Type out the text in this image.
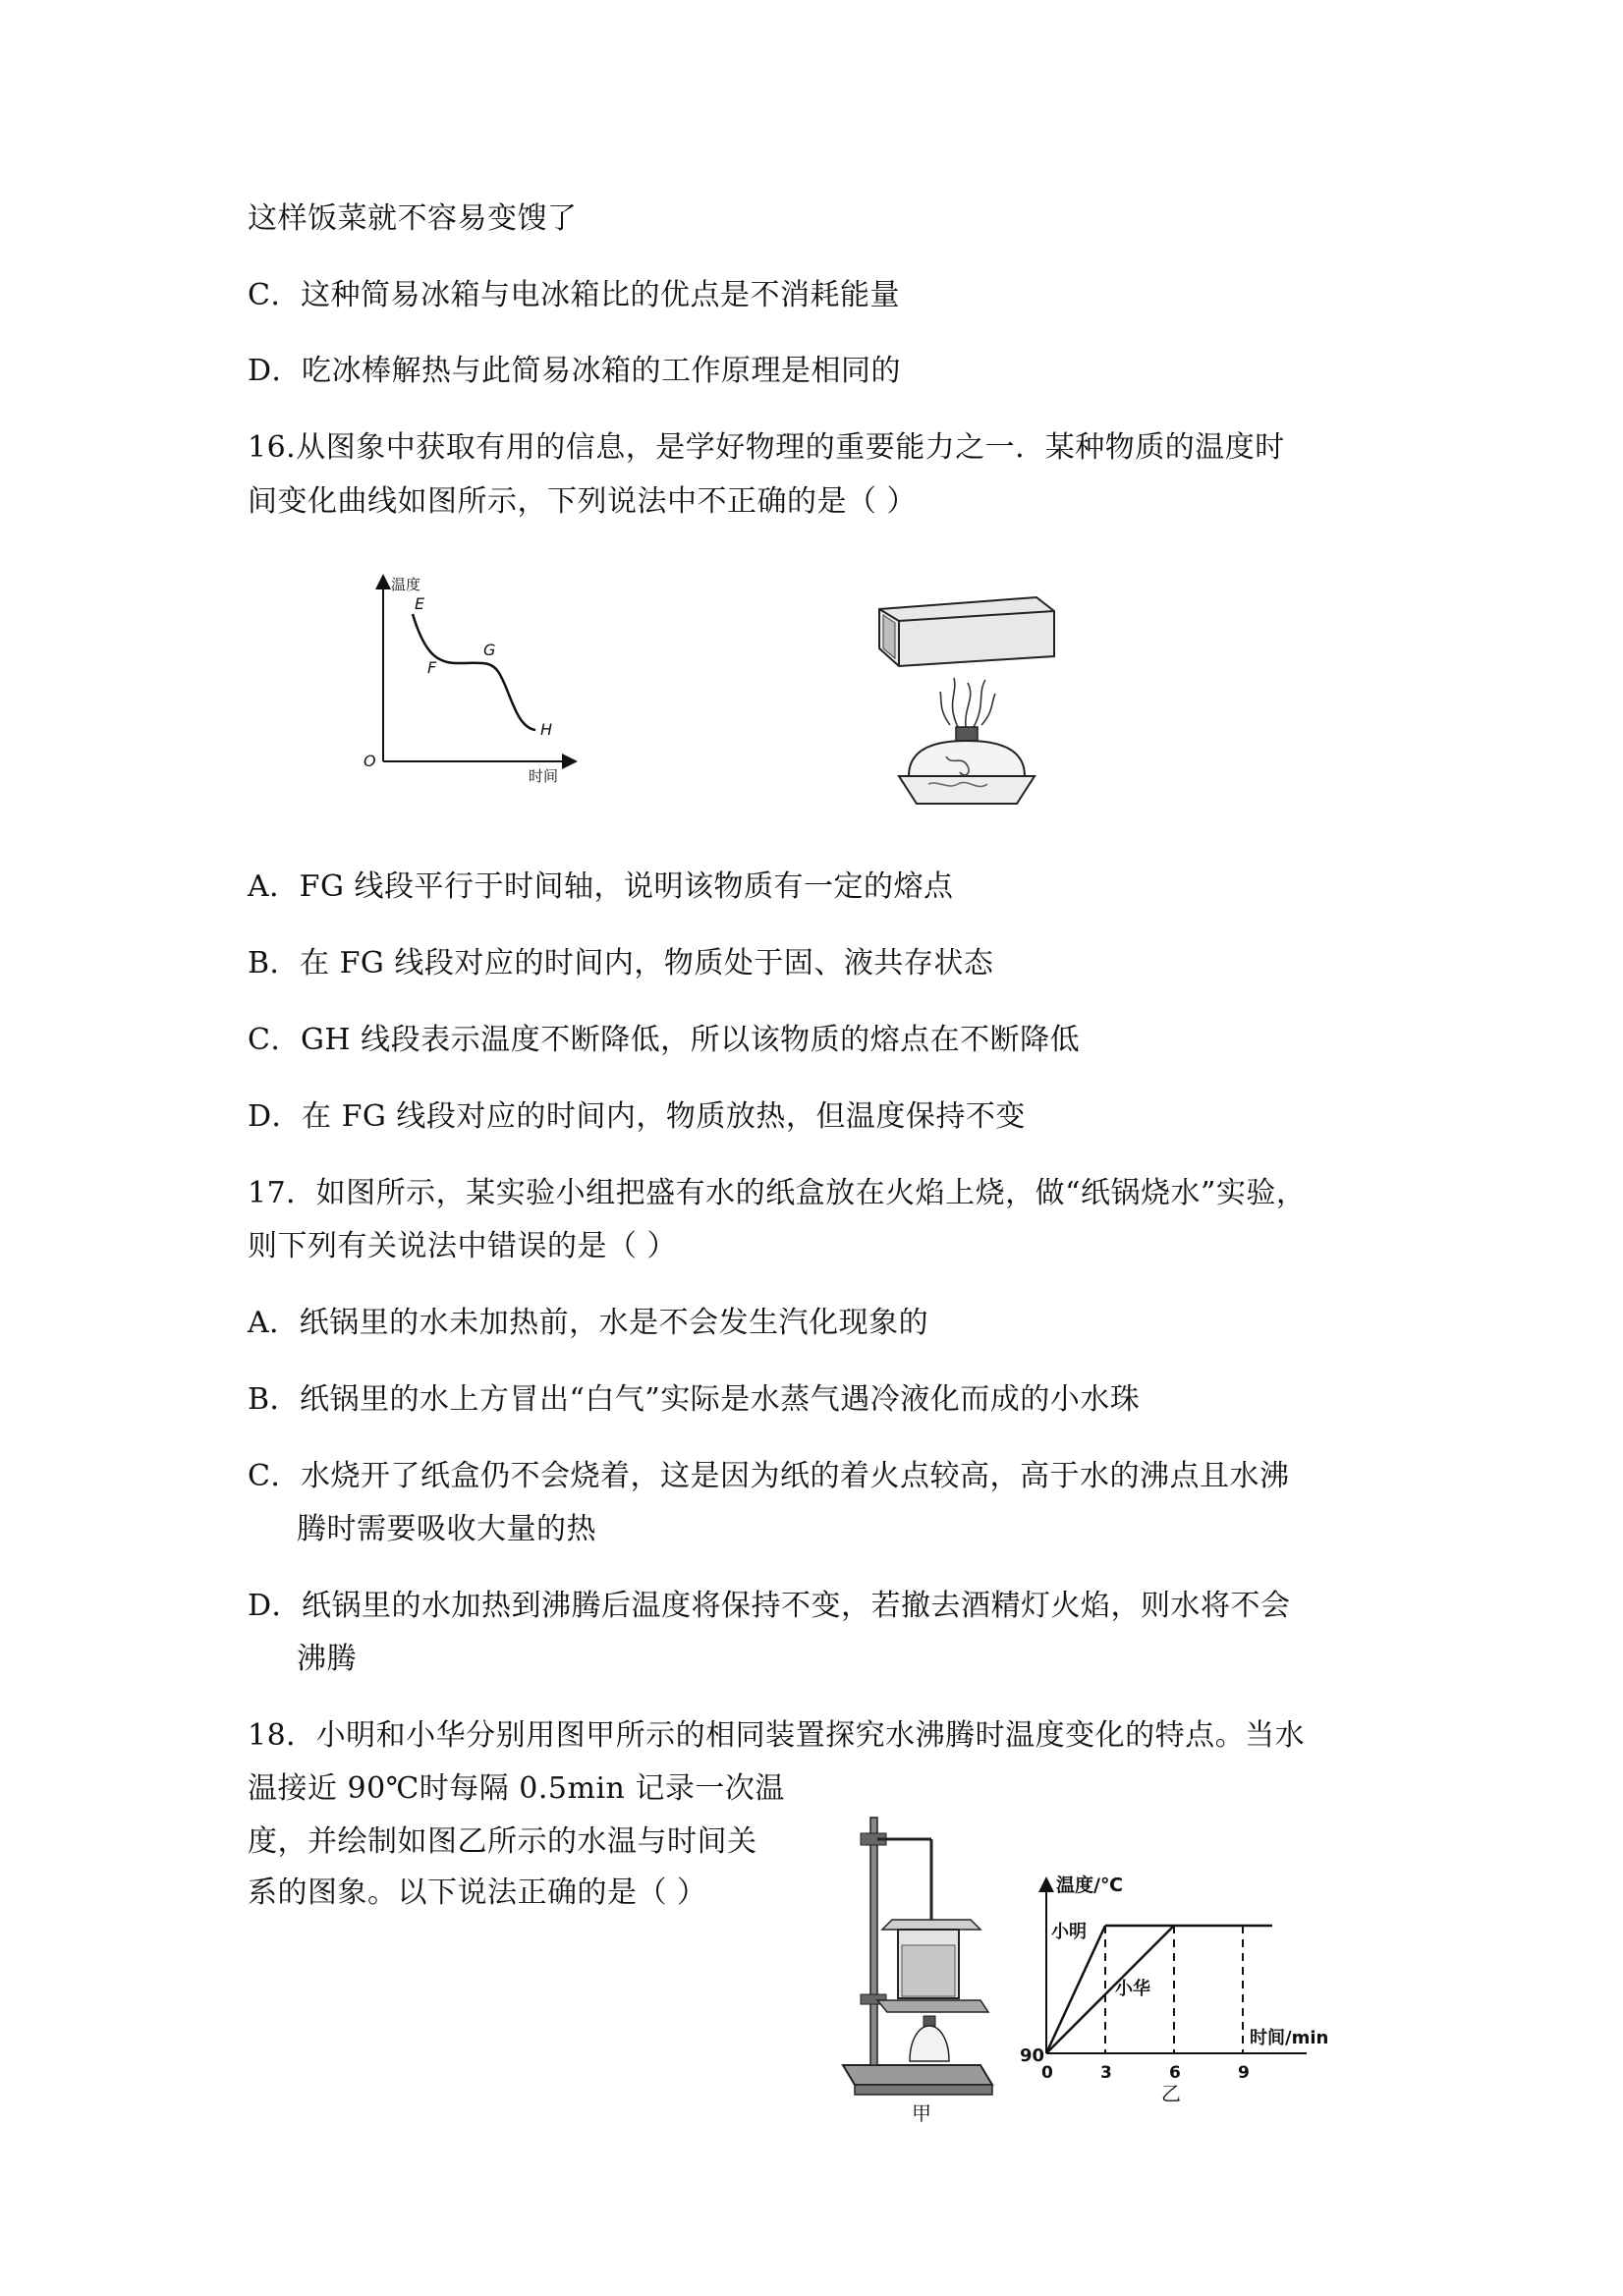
这样饭菜就不容易变馊了
C．这种简易冰箱与电冰箱比的优点是不消耗能量
D．吃冰棒解热与此简易冰箱的工作原理是相同的
16.从图象中获取有用的信息，是学好物理的重要能力之一．某种物质的温度时
间变化曲线如图所示，下列说法中不正确的是（ ）
A．FG 线段平行于时间轴，说明该物质有一定的熔点
B．在 FG 线段对应的时间内，物质处于固、液共存状态
C．GH 线段表示温度不断降低，所以该物质的熔点在不断降低
D．在 FG 线段对应的时间内，物质放热，但温度保持不变
17．如图所示，某实验小组把盛有水的纸盒放在火焰上烧，做“纸锅烧水”实验，
则下列有关说法中错误的是（ ）
A．纸锅里的水未加热前，水是不会发生汽化现象的
B．纸锅里的水上方冒出“白气”实际是水蒸气遇冷液化而成的小水珠
C．水烧开了纸盒仍不会烧着，这是因为纸的着火点较高，高于水的沸点且水沸
腾时需要吸收大量的热
D．纸锅里的水加热到沸腾后温度将保持不变，若撤去酒精灯火焰，则水将不会
沸腾
18．小明和小华分别用图甲所示的相同装置探究水沸腾时温度变化的特点。当水
温接近 90℃时每隔 0.5min 记录一次温
度，并绘制如图乙所示的水温与时间关
系的图象。以下说法正确的是（ ）
温度
时间
O
E
F
G
H
甲
温度/℃
时间/min
90
0	3	6	9
小明
小华
乙
